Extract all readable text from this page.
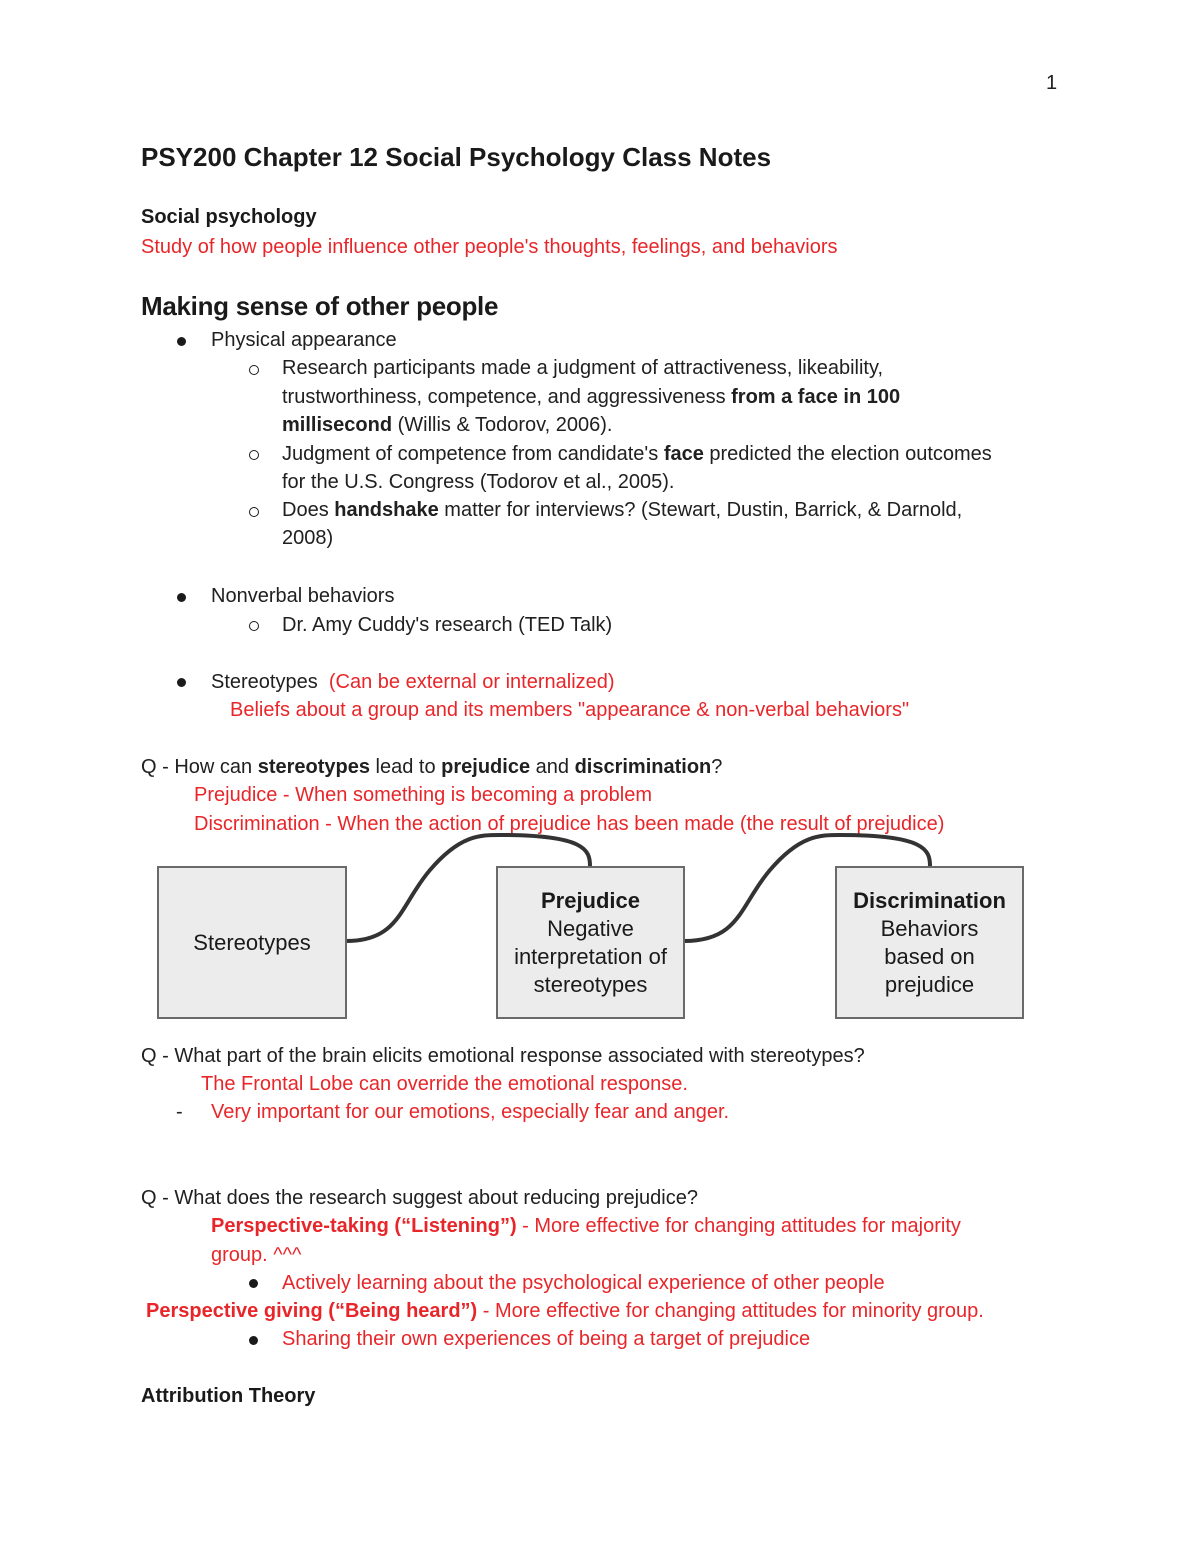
1
PSY200 Chapter 12 Social Psychology Class Notes
Social psychology
Study of how people influence other people's thoughts, feelings, and behaviors
Making sense of other people
Physical appearance
Research participants made a judgment of attractiveness, likeability,
trustworthiness, competence, and aggressiveness from a face in 100
millisecond (Willis & Todorov, 2006).
Judgment of competence from candidate's face predicted the election outcomes
for the U.S. Congress (Todorov et al., 2005).
Does handshake matter for interviews? (Stewart, Dustin, Barrick, & Darnold,
2008)
Nonverbal behaviors
Dr. Amy Cuddy's research (TED Talk)
Stereotypes (Can be external or internalized)
Beliefs about a group and its members "appearance & non-verbal behaviors"
Q - How can stereotypes lead to prejudice and discrimination?
Prejudice - When something is becoming a problem
Discrimination - When the action of prejudice has been made (the result of prejudice)
Stereotypes
Prejudice
Negative
interpretation of
stereotypes
Discrimination
Behaviors
based on
prejudice
Q - What part of the brain elicits emotional response associated with stereotypes?
The Frontal Lobe can override the emotional response.
- Very important for our emotions, especially fear and anger.
Q - What does the research suggest about reducing prejudice?
Perspective-taking (“Listening”) - More effective for changing attitudes for majority
group. ^^^
Actively learning about the psychological experience of other people
Perspective giving (“Being heard”) - More effective for changing attitudes for minority group.
Sharing their own experiences of being a target of prejudice
Attribution Theory
